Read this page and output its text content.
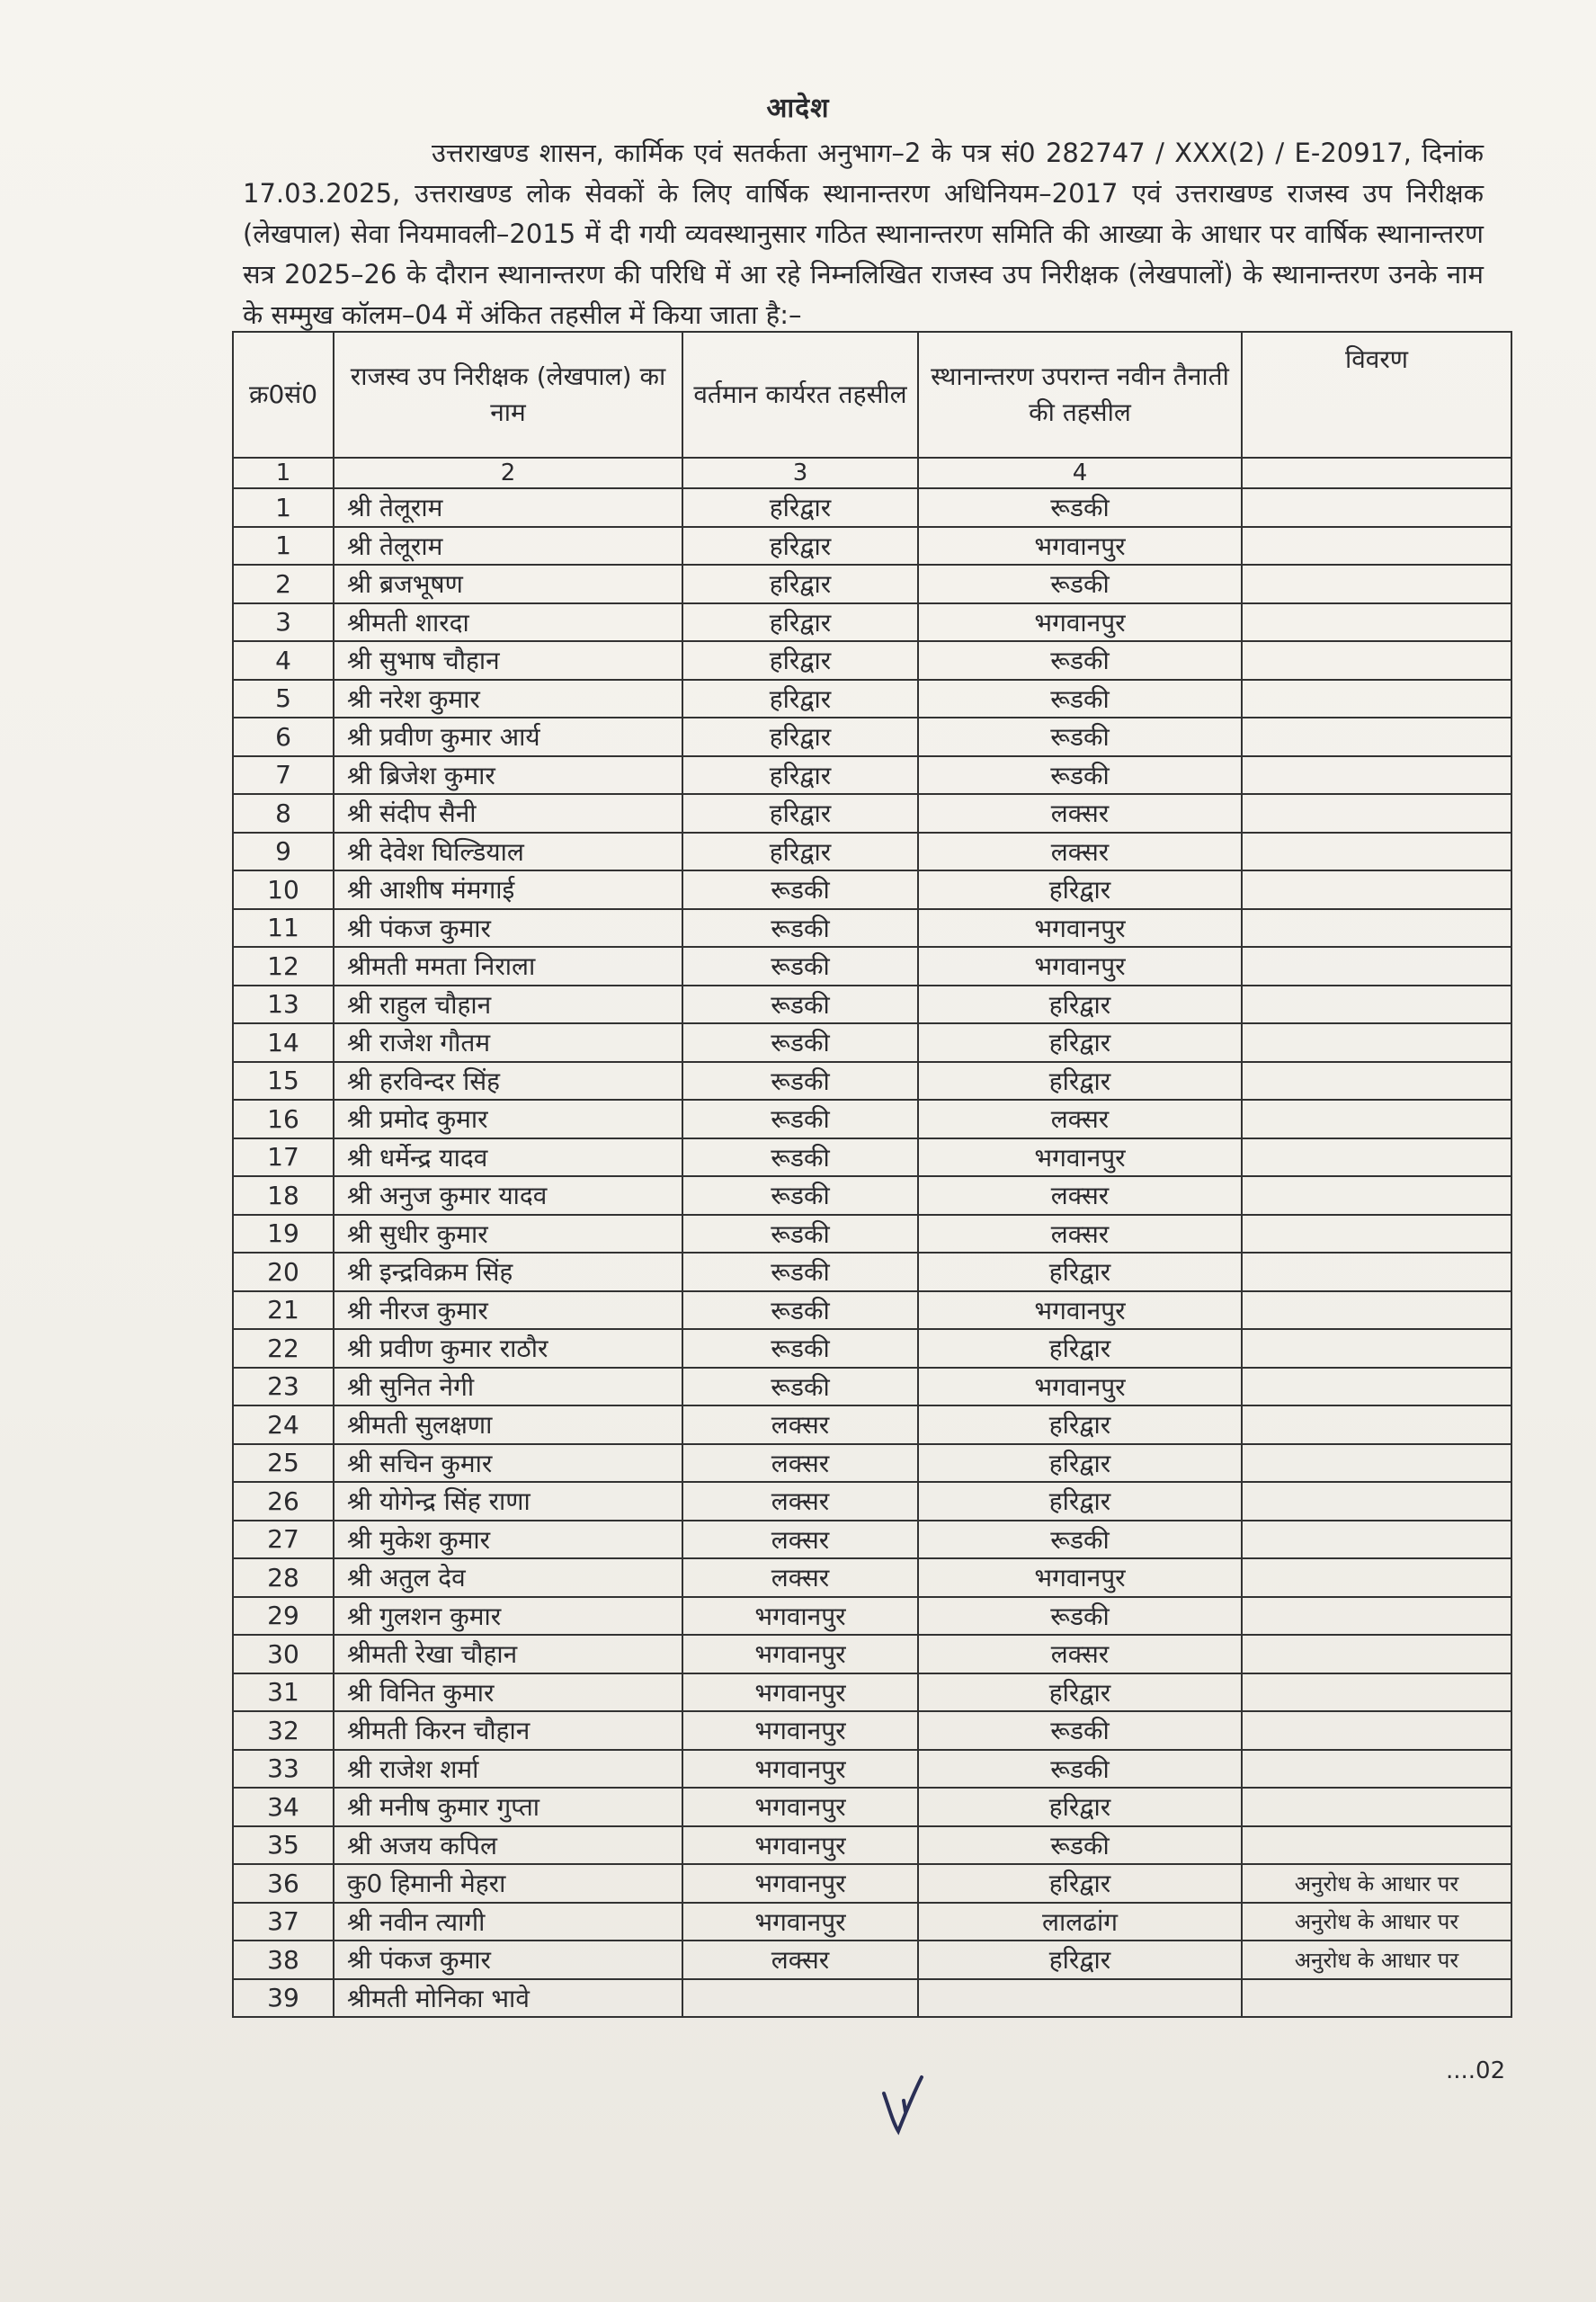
आदेश

उत्तराखण्ड शासन, कार्मिक एवं सतर्कता अनुभाग–2 के पत्र सं0 282747 / XXX(2) / E-20917, दिनांक 17.03.2025, उत्तराखण्ड लोक सेवकों के लिए वार्षिक स्थानान्तरण अधिनियम–2017 एवं उत्तराखण्ड राजस्व उप निरीक्षक (लेखपाल) सेवा नियमावली–2015 में दी गयी व्यवस्थानुसार गठित स्थानान्तरण समिति की आख्या के आधार पर वार्षिक स्थानान्तरण सत्र 2025–26 के दौरान स्थानान्तरण की परिधि में आ रहे निम्नलिखित राजस्व उप निरीक्षक (लेखपालों) के स्थानान्तरण उनके नाम के सम्मुख कॉलम–04 में अंकित तहसील में किया जाता है:–

क्र0सं0	राजस्व उप निरीक्षक (लेखपाल) का नाम	वर्तमान कार्यरत तहसील	स्थानान्तरण उपरान्त नवीन तैनाती की तहसील	विवरण
1	2	3	4	
1	श्री तेलूराम	हरिद्वार	रूडकी	
1	श्री तेलूराम	हरिद्वार	भगवानपुर	
2	श्री ब्रजभूषण	हरिद्वार	रूडकी	
3	श्रीमती शारदा	हरिद्वार	भगवानपुर	
4	श्री सुभाष चौहान	हरिद्वार	रूडकी	
5	श्री नरेश कुमार	हरिद्वार	रूडकी	
6	श्री प्रवीण कुमार आर्य	हरिद्वार	रूडकी	
7	श्री ब्रिजेश कुमार	हरिद्वार	रूडकी	
8	श्री संदीप सैनी	हरिद्वार	लक्सर	
9	श्री देवेश घिल्डियाल	हरिद्वार	लक्सर	
10	श्री आशीष मंमगाई	रूडकी	हरिद्वार	
11	श्री पंकज कुमार	रूडकी	भगवानपुर	
12	श्रीमती ममता निराला	रूडकी	भगवानपुर	
13	श्री राहुल चौहान	रूडकी	हरिद्वार	
14	श्री राजेश गौतम	रूडकी	हरिद्वार	
15	श्री हरविन्दर सिंह	रूडकी	हरिद्वार	
16	श्री प्रमोद कुमार	रूडकी	लक्सर	
17	श्री धर्मेन्द्र यादव	रूडकी	भगवानपुर	
18	श्री अनुज कुमार यादव	रूडकी	लक्सर	
19	श्री सुधीर कुमार	रूडकी	लक्सर	
20	श्री इन्द्रविक्रम सिंह	रूडकी	हरिद्वार	
21	श्री नीरज कुमार	रूडकी	भगवानपुर	
22	श्री प्रवीण कुमार राठौर	रूडकी	हरिद्वार	
23	श्री सुनित नेगी	रूडकी	भगवानपुर	
24	श्रीमती सुलक्षणा	लक्सर	हरिद्वार	
25	श्री सचिन कुमार	लक्सर	हरिद्वार	
26	श्री योगेन्द्र सिंह राणा	लक्सर	हरिद्वार	
27	श्री मुकेश कुमार	लक्सर	रूडकी	
28	श्री अतुल देव	लक्सर	भगवानपुर	
29	श्री गुलशन कुमार	भगवानपुर	रूडकी	
30	श्रीमती रेखा चौहान	भगवानपुर	लक्सर	
31	श्री विनित कुमार	भगवानपुर	हरिद्वार	
32	श्रीमती किरन चौहान	भगवानपुर	रूडकी	
33	श्री राजेश शर्मा	भगवानपुर	रूडकी	
34	श्री मनीष कुमार गुप्ता	भगवानपुर	हरिद्वार	
35	श्री अजय कपिल	भगवानपुर	रूडकी	
36	कु0 हिमानी मेहरा	भगवानपुर	हरिद्वार	अनुरोध के आधार पर
37	श्री नवीन त्यागी	भगवानपुर	लालढांग	अनुरोध के आधार पर
38	श्री पंकज कुमार	लक्सर	हरिद्वार	अनुरोध के आधार पर
39	श्रीमती मोनिका भावे			
....02
